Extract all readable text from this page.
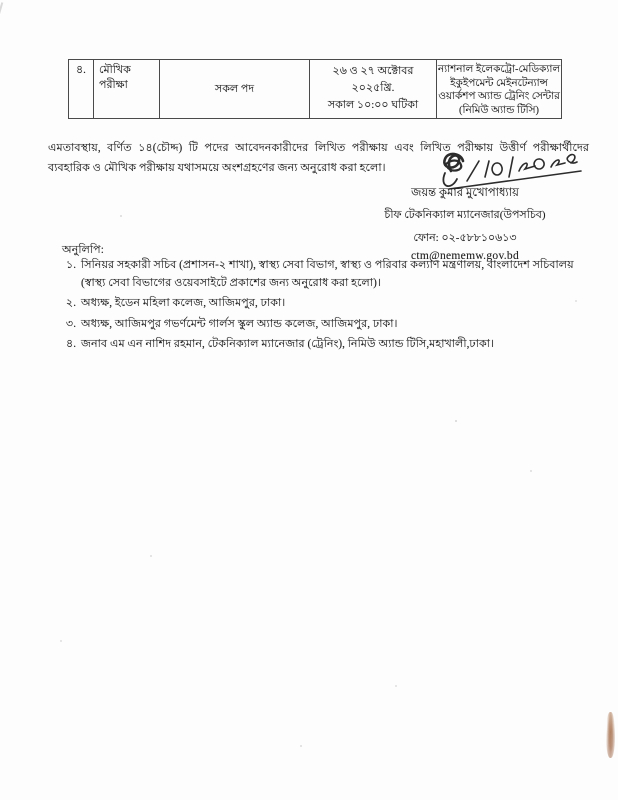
৪.	মৌখিক পরীক্ষা	সকল পদ
২৬ ও ২৭ অক্টোবর
২০২৫খ্রি.
সকাল ১০:০০ ঘটিকা
ন্যাশনাল ইলেকট্রো-মেডিক্যাল
ইকুইপমেন্ট মেইনটেন্যান্স
ওয়ার্কশপ অ্যান্ড ট্রেনিং সেন্টার
(নিমিউ অ্যান্ড টিসি)
এমতাবস্থায়, বর্ণিত ১৪(চৌদ্দ) টি পদের আবেদনকারীদের লিখিত পরীক্ষায় এবং লিখিত পরীক্ষায় উত্তীর্ণ পরীক্ষার্থীদের ব্যবহারিক ও মৌখিক পরীক্ষায় যথাসময়ে অংশগ্রহণের জন্য অনুরোধ করা হলো।
জয়ন্ত কুমার মুখোপাধ্যায়
চীফ টেকনিক্যাল ম্যানেজার(উপসচিব)
ফোন: ০২-৫৮৮১০৬১৩
ctm@nememw.gov.bd
অনুলিপি:
১. সিনিয়র সহকারী সচিব (প্রশাসন-২ শাখা), স্বাস্থ্য সেবা বিভাগ, স্বাস্থ্য ও পরিবার কল্যাণ মন্ত্রণালয়, বাংলাদেশ সচিবালয় (স্বাস্থ্য সেবা বিভাগের ওয়েবসাইটে প্রকাশের জন্য অনুরোধ করা হলো)।
২. অধ্যক্ষ, ইডেন মহিলা কলেজ, আজিমপুর, ঢাকা।
৩. অধ্যক্ষ, আজিমপুর গভর্ণমেন্ট গার্লস স্কুল অ্যান্ড কলেজ, আজিমপুর, ঢাকা।
৪. জনাব এম এন নাশিদ রহমান, টেকনিক্যাল ম্যানেজার (ট্রেনিং), নিমিউ অ্যান্ড টিসি,মহাখালী,ঢাকা।
